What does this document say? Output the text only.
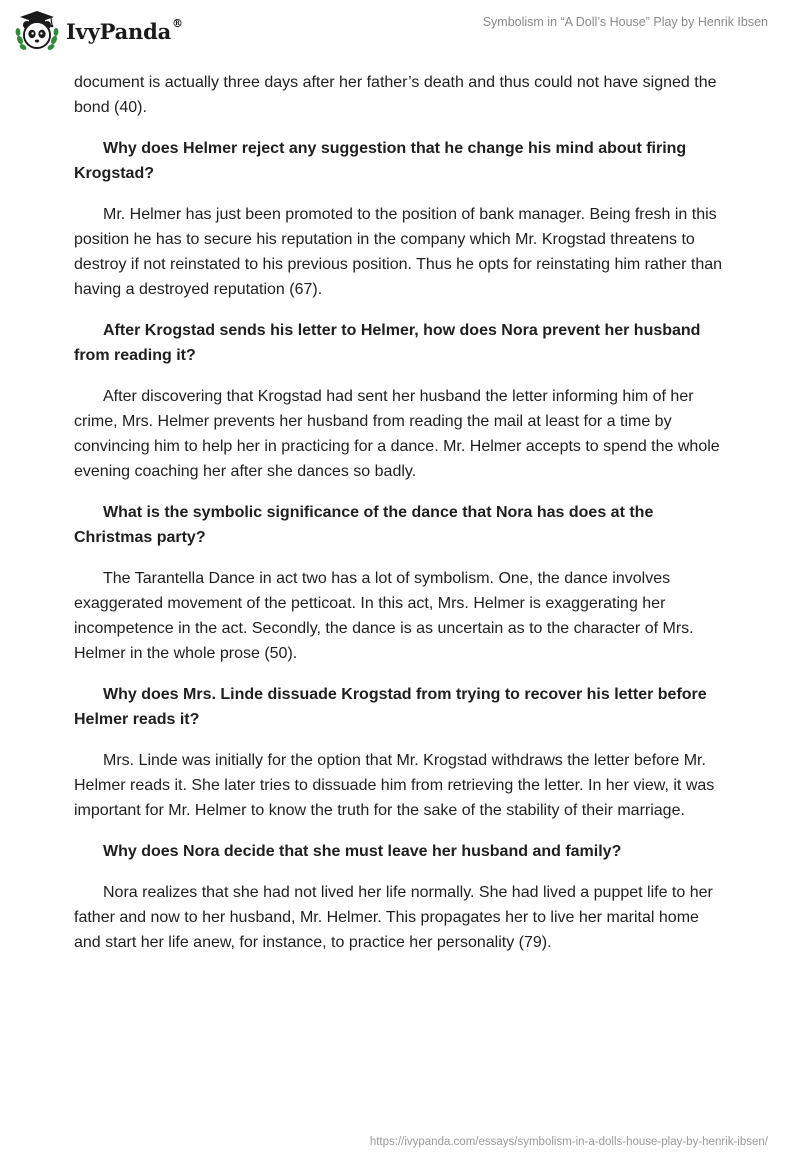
IvyPanda®	Symbolism in “A Doll’s House” Play by Henrik Ibsen

document is actually three days after her father’s death and thus could not have signed the bond (40).

Why does Helmer reject any suggestion that he change his mind about firing Krogstad?

Mr. Helmer has just been promoted to the position of bank manager. Being fresh in this position he has to secure his reputation in the company which Mr. Krogstad threatens to destroy if not reinstated to his previous position. Thus he opts for reinstating him rather than having a destroyed reputation (67).

After Krogstad sends his letter to Helmer, how does Nora prevent her husband from reading it?

After discovering that Krogstad had sent her husband the letter informing him of her crime, Mrs. Helmer prevents her husband from reading the mail at least for a time by convincing him to help her in practicing for a dance. Mr. Helmer accepts to spend the whole evening coaching her after she dances so badly.

What is the symbolic significance of the dance that Nora has does at the Christmas party?

The Tarantella Dance in act two has a lot of symbolism. One, the dance involves exaggerated movement of the petticoat. In this act, Mrs. Helmer is exaggerating her incompetence in the act. Secondly, the dance is as uncertain as to the character of Mrs. Helmer in the whole prose (50).

Why does Mrs. Linde dissuade Krogstad from trying to recover his letter before Helmer reads it?

Mrs. Linde was initially for the option that Mr. Krogstad withdraws the letter before Mr. Helmer reads it. She later tries to dissuade him from retrieving the letter. In her view, it was important for Mr. Helmer to know the truth for the sake of the stability of their marriage.

Why does Nora decide that she must leave her husband and family?

Nora realizes that she had not lived her life normally. She had lived a puppet life to her father and now to her husband, Mr. Helmer. This propagates her to live her marital home and start her life anew, for instance, to practice her personality (79).

https://ivypanda.com/essays/symbolism-in-a-dolls-house-play-by-henrik-ibsen/
